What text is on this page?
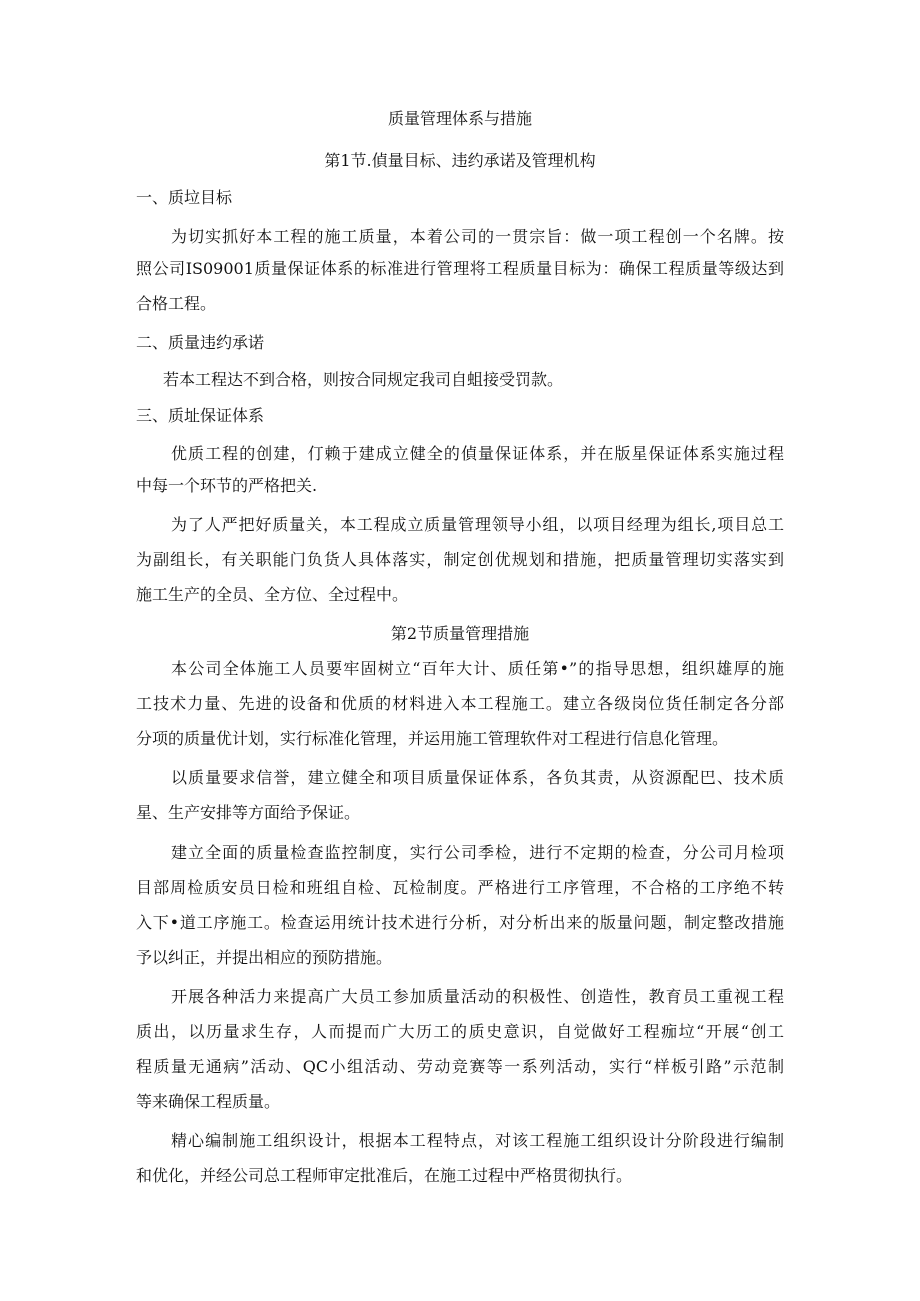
质量管理体系与措施
第1节.偵量目标、违约承诺及管理机构
一、质垃目标
为切实抓好本工程的施工质量，本着公司的一贯宗旨：做一项工程创一个名牌。按
照公司IS09001质量保证体系的标准进行管理将工程质量目标为：确保工程质量等级达到
合格工程。
二、质量违约承诺
若本工程达不到合格，则按合同规定我司自蛆接受罚款。
三、质址保证体系
优质工程的创建，仃赖于建成立健全的偵量保证体系，并在版星保证体系实施过程
中每一个环节的严格把关.
为了人严把好质量关，本工程成立质量管理领导小组，以项目经理为组长,项目总工
为副组长，有关职能门负货人具体落实，制定创优规划和措施，把质量管理切实落实到
施工生产的全员、全方位、全过程中。
第2节质量管理措施
本公司全体施工人员要牢固树立“百年大计、质任第•”的指导思想，组织雄厚的施
工技术力量、先进的设备和优质的材料进入本工程施工。建立各级岗位货任制定各分部
分项的质量优计划，实行标准化管理，并运用施工管理软件对工程进行信息化管理。
以质量要求信誉，建立健全和项目质量保证体系，各负其责，从资源配巴、技术质
星、生产安排等方面给予保证。
建立全面的质量检查监控制度，实行公司季检，进行不定期的检查，分公司月检项
目部周检质安员日检和班组自检、瓦检制度。严格进行工序管理，不合格的工序绝不转
入下•道工序施工。检查运用统计技术进行分析，对分析出来的版量问题，制定整改措施
予以纠正，并提出相应的预防措施。
开展各种活力来提高广大员工参加质量活动的积极性、创造性，教育员工重视工程
质出，以历量求生存，人而提而广大历工的质史意识，自觉做好工程痂垃“开展“创工
程质量无通病”活动、QC小组活动、劳动竞赛等一系列活动，实行“样板引路”示范制
等来确保工程质量。
精心编制施工组织设计，根据本工程特点，对该工程施工组织设计分阶段进行编制
和优化，并经公司总工程师审定批准后，在施工过程中严格贯彻执行。
